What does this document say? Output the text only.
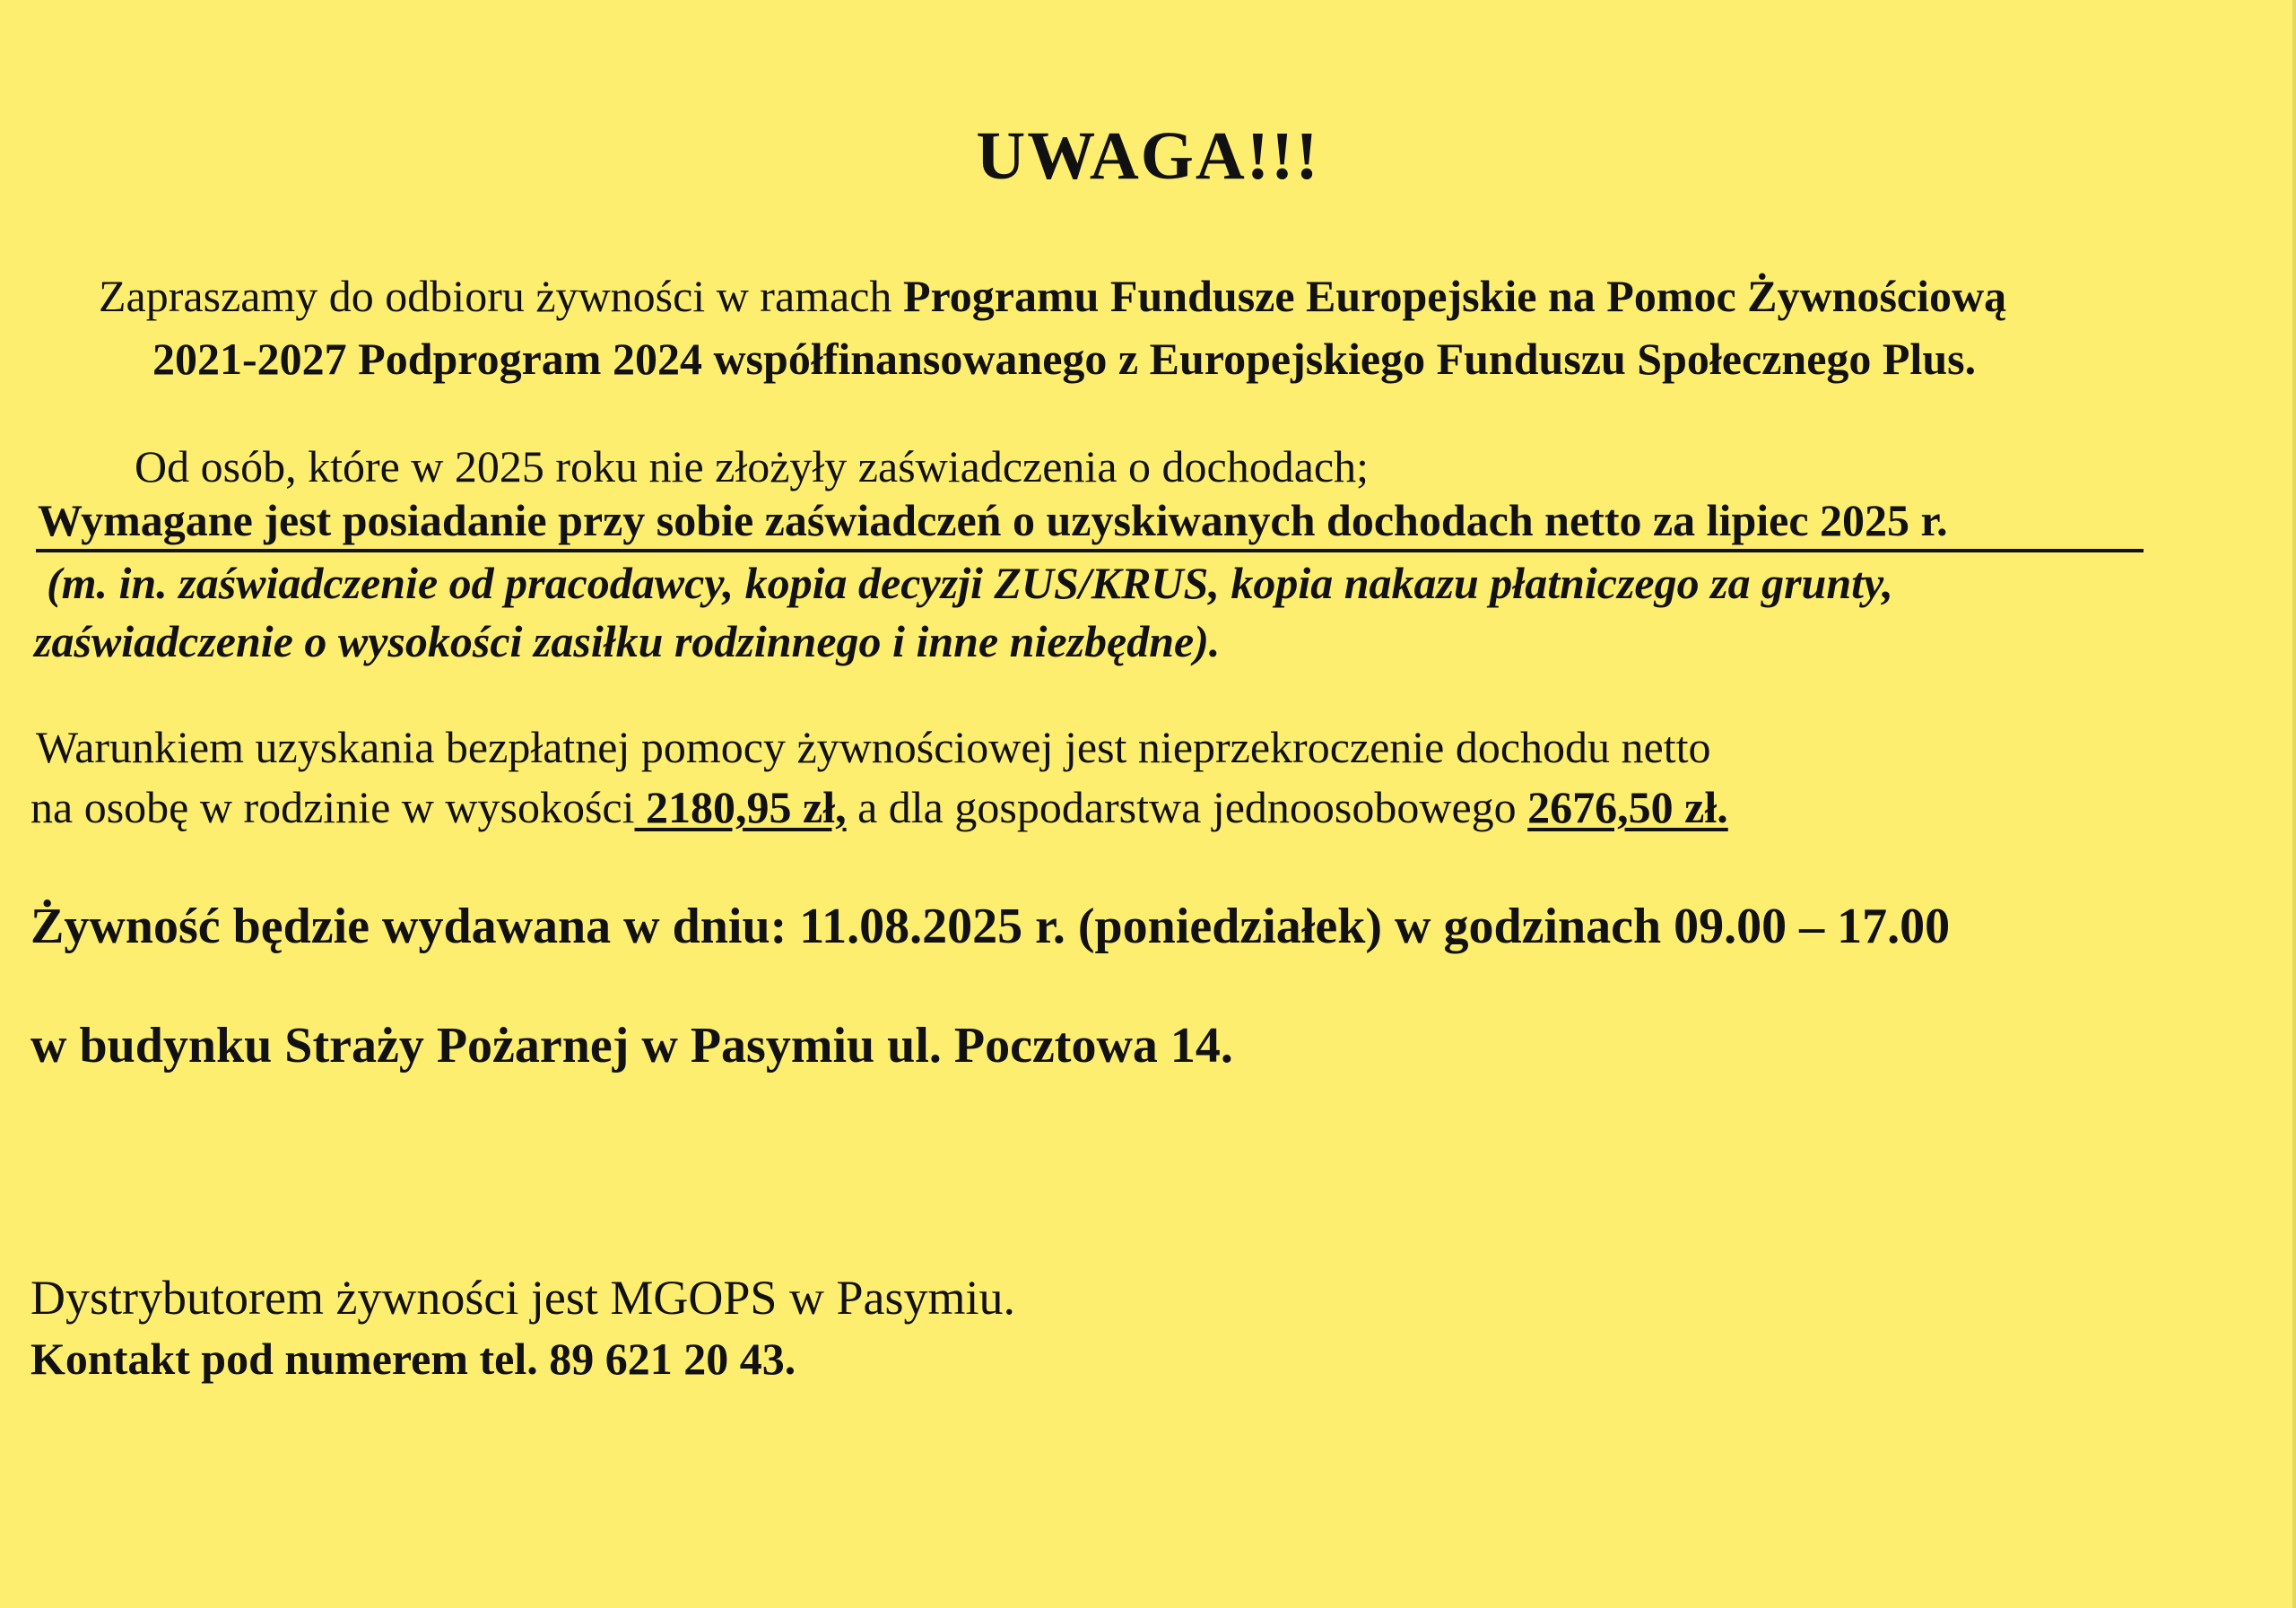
UWAGA!!!
Zapraszamy do odbioru żywności w ramach Programu Fundusze Europejskie na Pomoc Żywnościową
2021-2027 Podprogram 2024 współfinansowanego z Europejskiego Funduszu Społecznego Plus.
Od osób, które w 2025 roku nie złożyły zaświadczenia o dochodach;
Wymagane jest posiadanie przy sobie zaświadczeń o uzyskiwanych dochodach netto za lipiec 2025 r.
(m. in. zaświadczenie od pracodawcy, kopia decyzji ZUS/KRUS, kopia nakazu płatniczego za grunty,
zaświadczenie o wysokości zasiłku rodzinnego i inne niezbędne).
Warunkiem uzyskania bezpłatnej pomocy żywnościowej jest nieprzekroczenie dochodu netto
na osobę w rodzinie w wysokości 2180,95 zł, a dla gospodarstwa jednoosobowego 2676,50 zł.
Żywność będzie wydawana w dniu: 11.08.2025 r. (poniedziałek) w godzinach 09.00 – 17.00
w budynku Straży Pożarnej w Pasymiu ul. Pocztowa 14.
Dystrybutorem żywności jest MGOPS w Pasymiu.
Kontakt pod numerem tel. 89 621 20 43.
